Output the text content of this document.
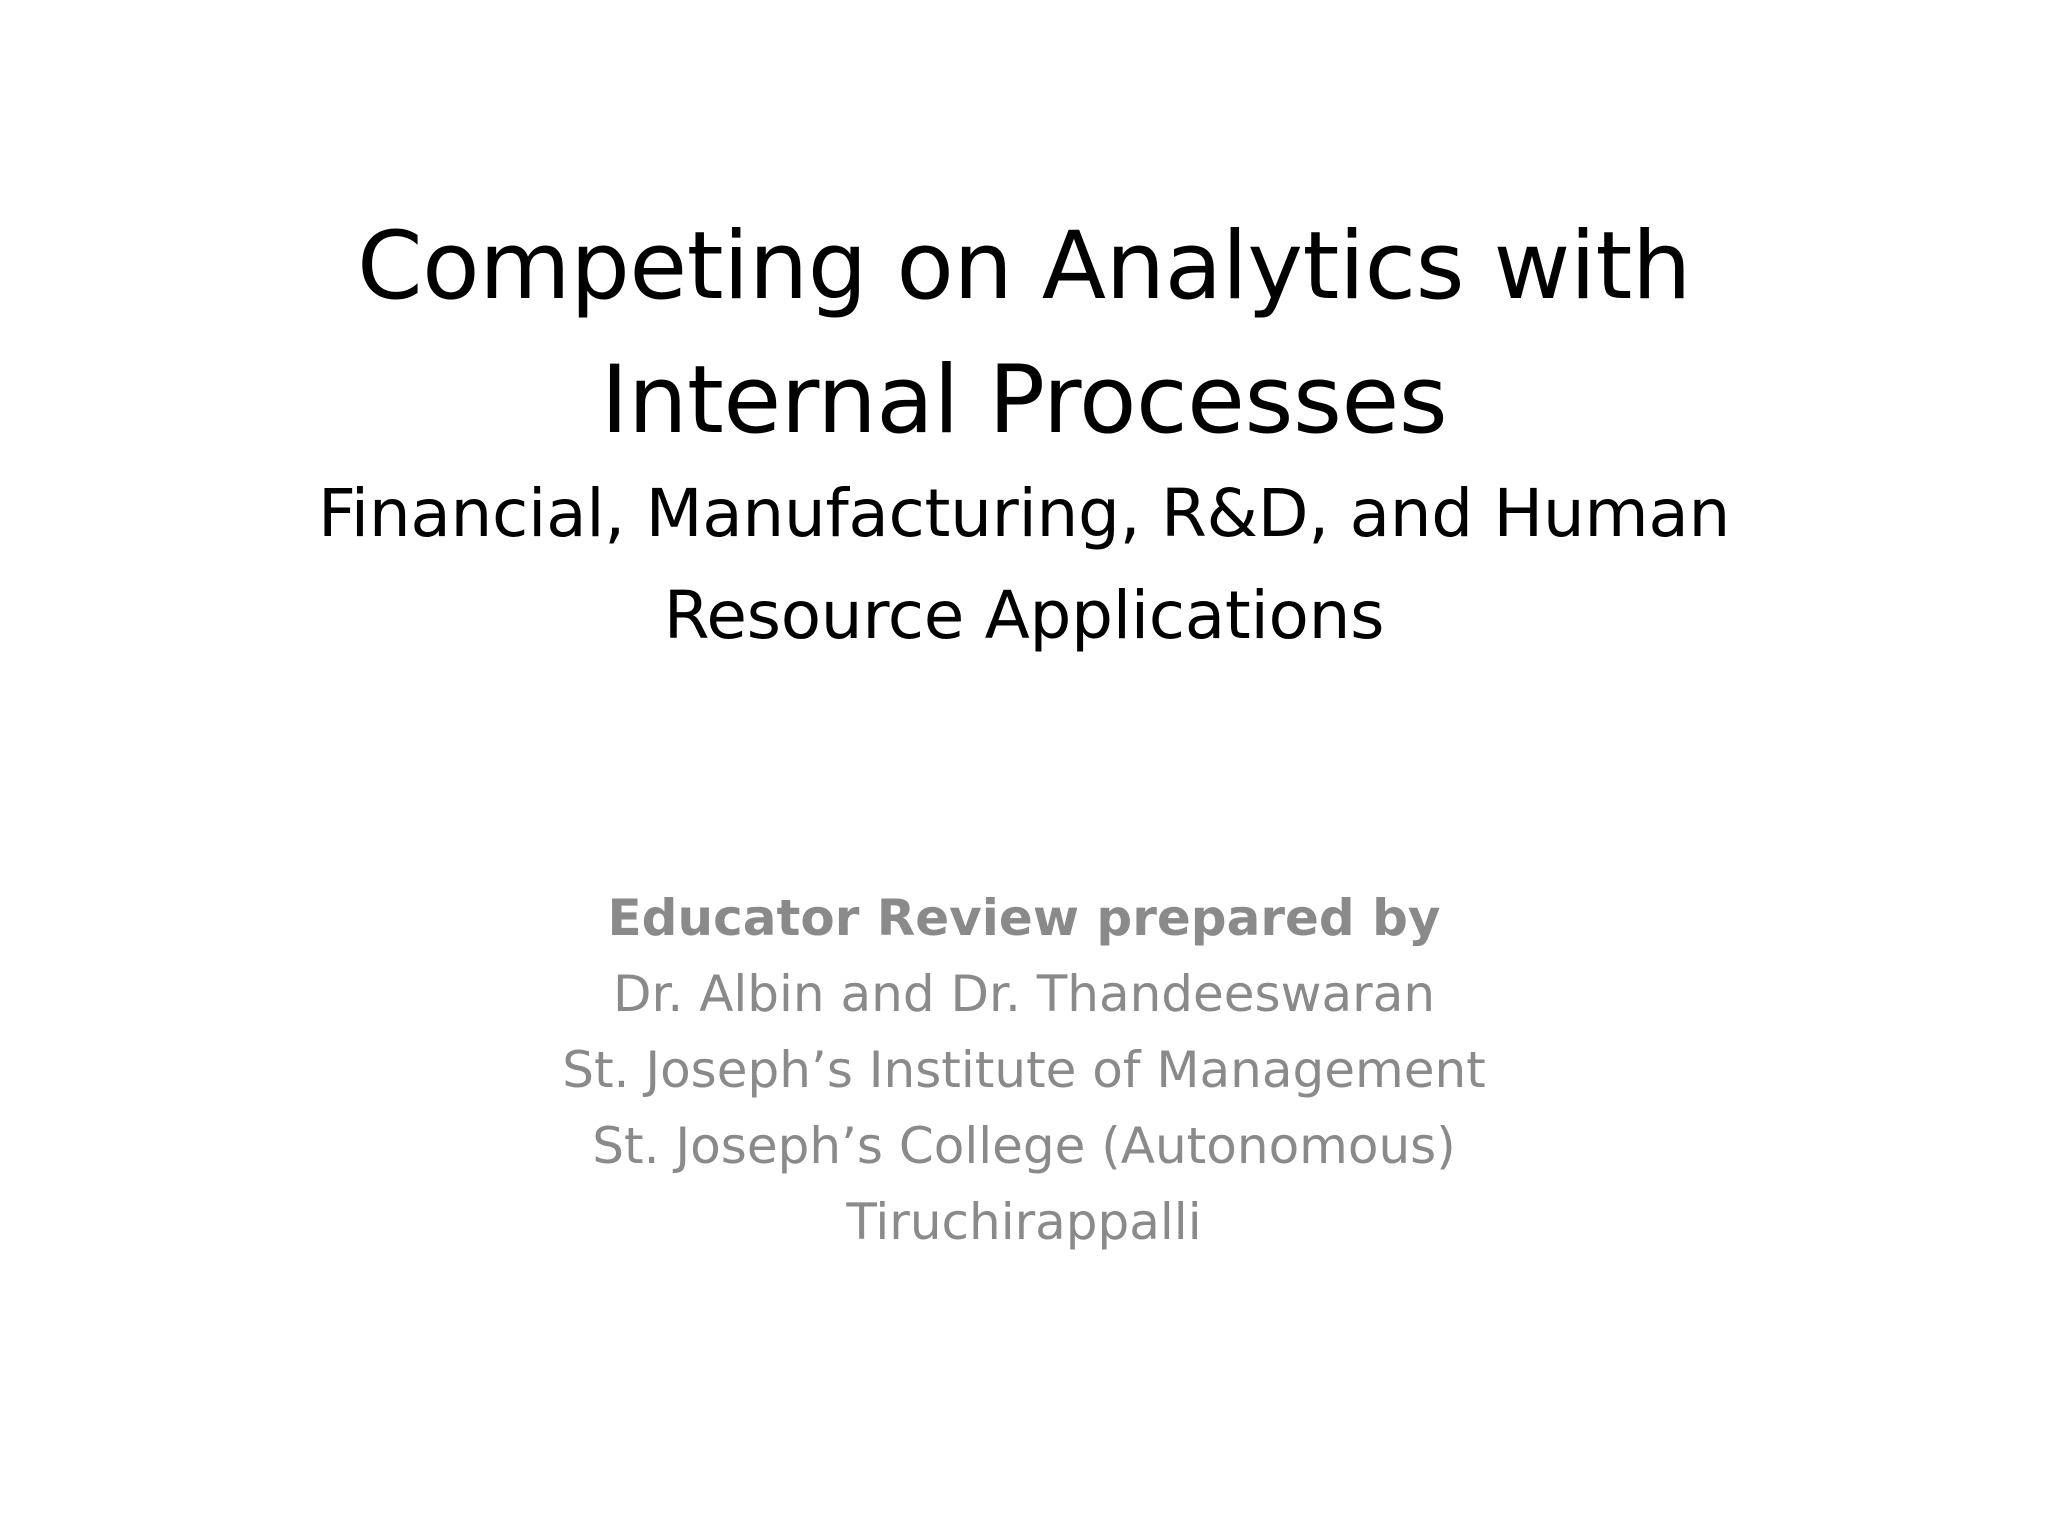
Competing on Analytics with
Internal Processes
Financial, Manufacturing, R&D, and Human
Resource Applications
Educator Review prepared by
Dr. Albin and Dr. Thandeeswaran
St. Joseph’s Institute of Management
St. Joseph’s College (Autonomous)
Tiruchirappalli
